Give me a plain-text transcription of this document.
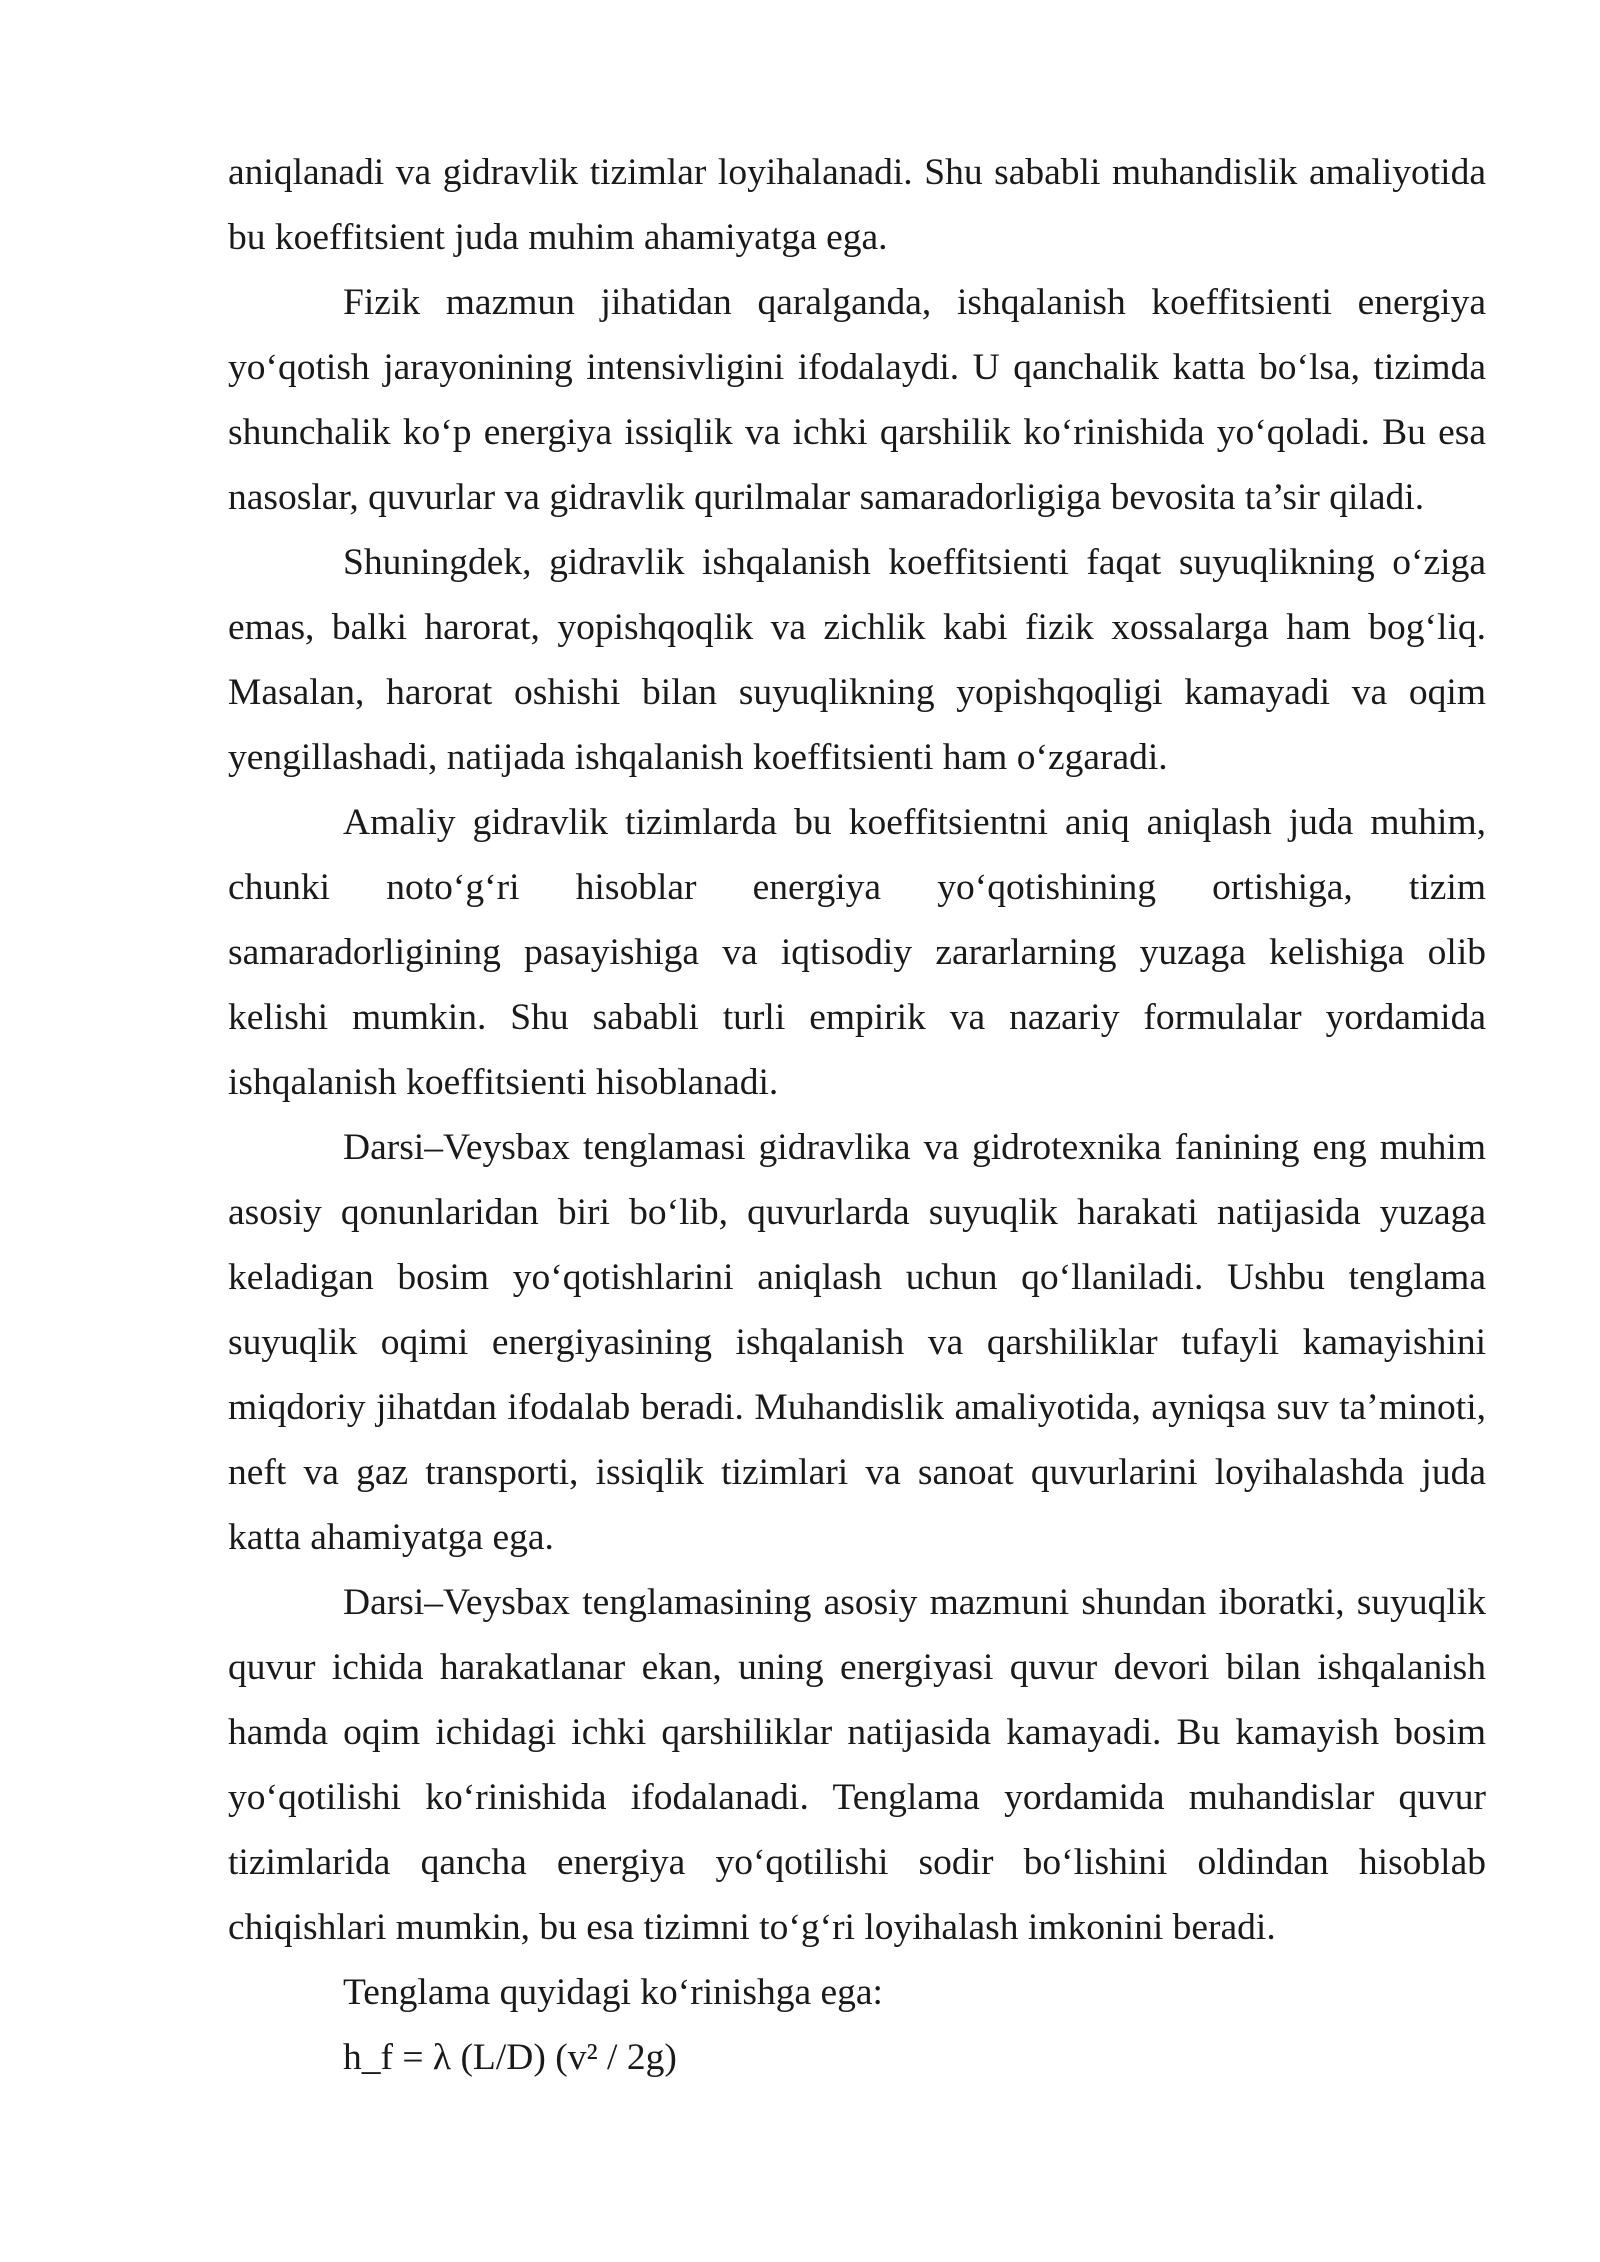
aniqlanadi va gidravlik tizimlar loyihalanadi. Shu sababli muhandislik amaliyotida bu koeffitsient juda muhim ahamiyatga ega.

Fizik mazmun jihatidan qaralganda, ishqalanish koeffitsienti energiya yo‘qotish jarayonining intensivligini ifodalaydi. U qanchalik katta bo‘lsa, tizimda shunchalik ko‘p energiya issiqlik va ichki qarshilik ko‘rinishida yo‘qoladi. Bu esa nasoslar, quvurlar va gidravlik qurilmalar samaradorligiga bevosita ta’sir qiladi.

Shuningdek, gidravlik ishqalanish koeffitsienti faqat suyuqlikning o‘ziga emas, balki harorat, yopishqoqlik va zichlik kabi fizik xossalarga ham bog‘liq. Masalan, harorat oshishi bilan suyuqlikning yopishqoqligi kamayadi va oqim yengillashadi, natijada ishqalanish koeffitsienti ham o‘zgaradi.

Amaliy gidravlik tizimlarda bu koeffitsientni aniq aniqlash juda muhim, chunki noto‘g‘ri hisoblar energiya yo‘qotishining ortishiga, tizim samaradorligining pasayishiga va iqtisodiy zararlarning yuzaga kelishiga olib kelishi mumkin. Shu sababli turli empirik va nazariy formulalar yordamida ishqalanish koeffitsienti hisoblanadi.

Darsi–Veysbax tenglamasi gidravlika va gidrotexnika fanining eng muhim asosiy qonunlaridan biri bo‘lib, quvurlarda suyuqlik harakati natijasida yuzaga keladigan bosim yo‘qotishlarini aniqlash uchun qo‘llaniladi. Ushbu tenglama suyuqlik oqimi energiyasining ishqalanish va qarshiliklar tufayli kamayishini miqdoriy jihatdan ifodalab beradi. Muhandislik amaliyotida, ayniqsa suv ta’minoti, neft va gaz transporti, issiqlik tizimlari va sanoat quvurlarini loyihalashda juda katta ahamiyatga ega.

Darsi–Veysbax tenglamasining asosiy mazmuni shundan iboratki, suyuqlik quvur ichida harakatlanar ekan, uning energiyasi quvur devori bilan ishqalanish hamda oqim ichidagi ichki qarshiliklar natijasida kamayadi. Bu kamayish bosim yo‘qotilishi ko‘rinishida ifodalanadi. Tenglama yordamida muhandislar quvur tizimlarida qancha energiya yo‘qotilishi sodir bo‘lishini oldindan hisoblab chiqishlari mumkin, bu esa tizimni to‘g‘ri loyihalash imkonini beradi.

Tenglama quyidagi ko‘rinishga ega:

h_f = λ (L/D) (v² / 2g)
